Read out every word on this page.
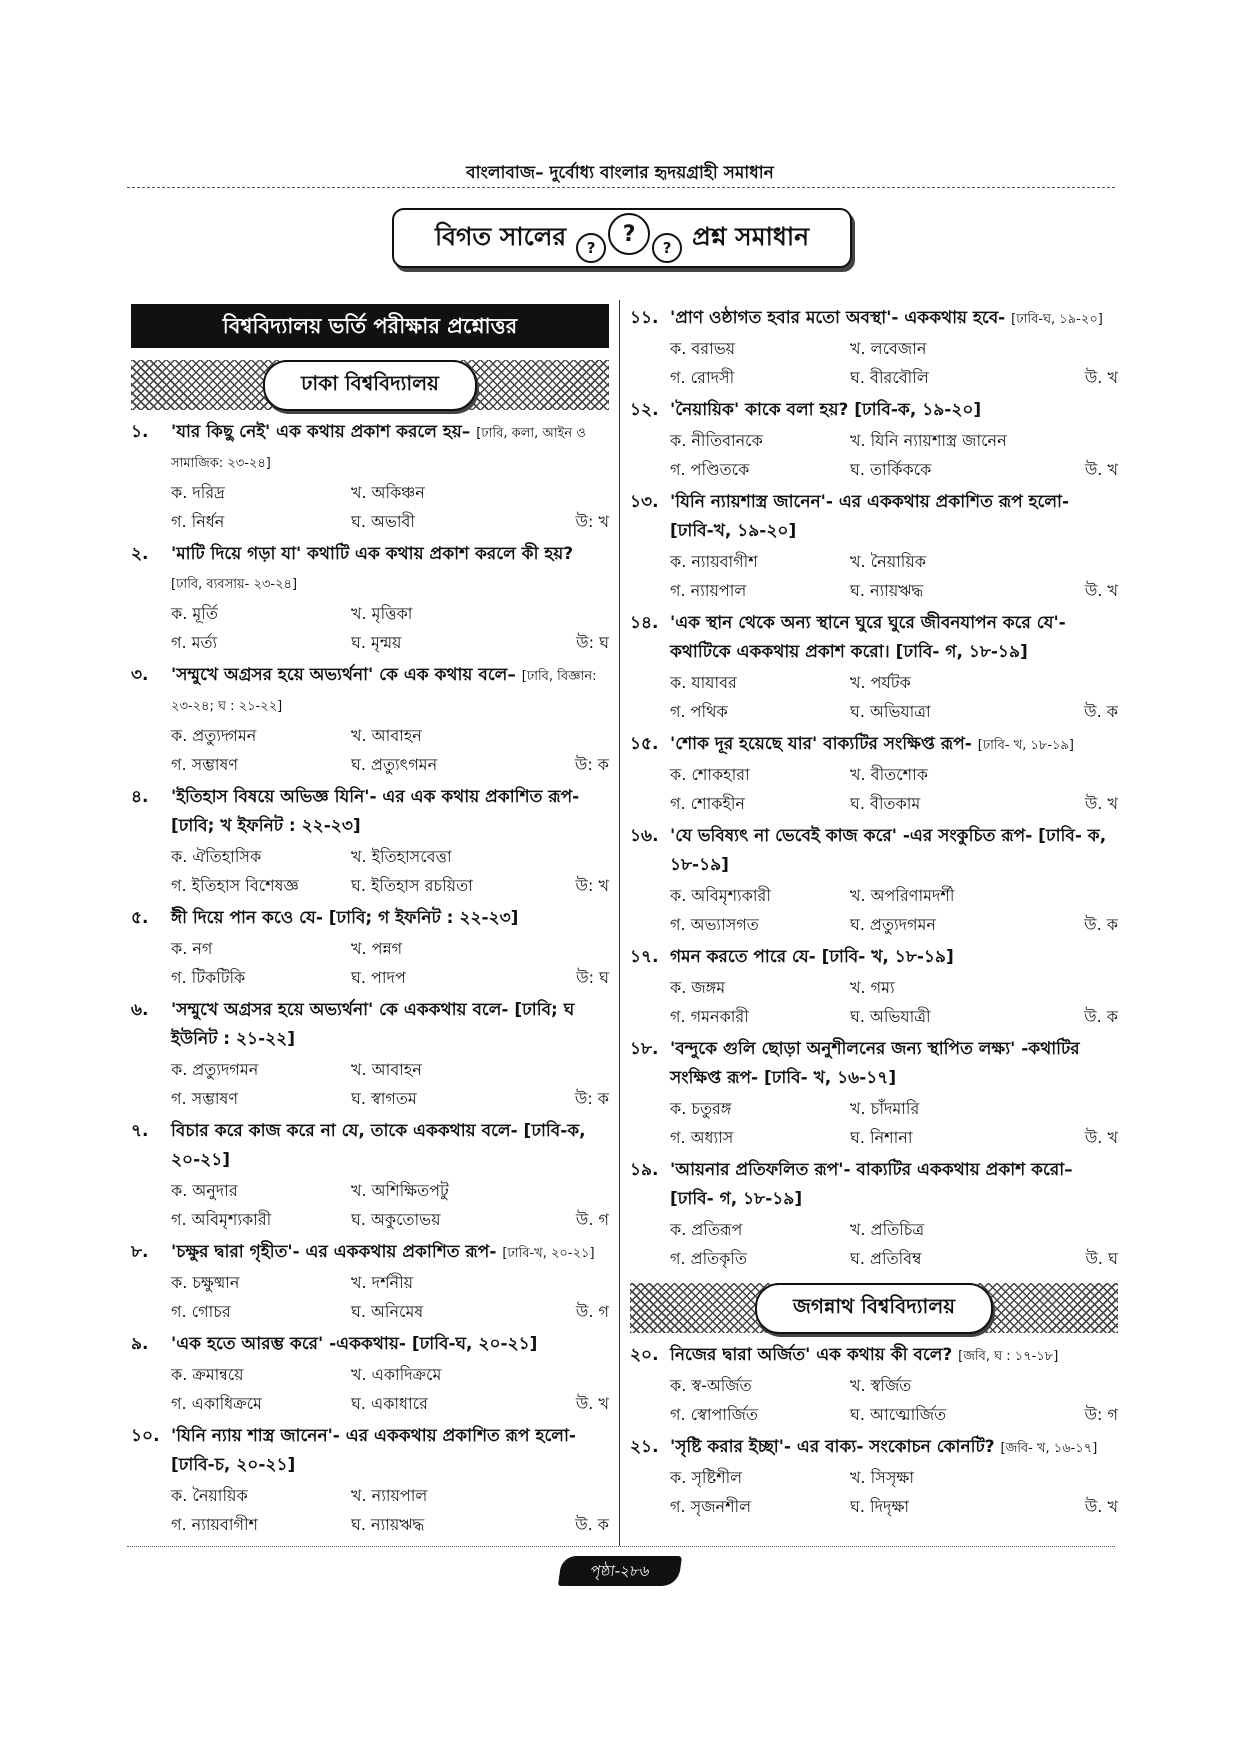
বাংলাবাজ– দুর্বোধ্য বাংলার হৃদয়গ্রাহী সমাধান
বিগত সালের	?
?
? প্রশ্ন সমাধান
বিশ্ববিদ্যালয় ভর্তি পরীক্ষার প্রশ্নোত্তর
ঢাকা বিশ্ববিদ্যালয়
১.	'যার কিছু নেই' এক কথায় প্রকাশ করলে হয়– [ঢাবি, কলা, আইন ও সামাজিক: ২৩-২৪]
ক. দরিদ্র	খ. অকিঞ্চন
গ. নির্ধন	ঘ. অভাবী	উ: খ
২.	'মাটি দিয়ে গড়া যা' কথাটি এক কথায় প্রকাশ করলে কী হয়? [ঢাবি, ব্যবসায়- ২৩-২৪]
ক. মূর্তি	খ. মৃত্তিকা
গ. মর্ত্য	ঘ. মৃন্ময়	উ: ঘ
৩.	'সম্মুখে অগ্রসর হয়ে অভ্যর্থনা' কে এক কথায় বলে– [ঢাবি, বিজ্ঞান: ২৩-২৪; ঘ : ২১-২২]
ক. প্রত্যুদ্গমন	খ. আবাহন
গ. সম্ভাষণ	ঘ. প্রত্যুৎগমন	উ: ক
৪.	'ইতিহাস বিষয়ে অভিজ্ঞ যিনি'- এর এক কথায় প্রকাশিত রূপ- [ঢাবি; খ ইফনিট : ২২-২৩]
ক. ঐতিহাসিক	খ. ইতিহাসবেত্তা
গ. ইতিহাস বিশেষজ্ঞ	ঘ. ইতিহাস রচয়িতা	উ: খ
৫.	ঈী দিয়ে পান কওে যে- [ঢাবি; গ ইফনিট : ২২-২৩]
ক. নগ	খ. পন্নগ
গ. টিকটিকি	ঘ. পাদপ	উ: ঘ
৬.	'সম্মুখে অগ্রসর হয়ে অভ্যর্থনা' কে এককথায় বলে- [ঢাবি; ঘ ইউনিট : ২১-২২]
ক. প্রত্যুদগমন	খ. আবাহন
গ. সম্ভাষণ	ঘ. স্বাগতম	উ: ক
৭.	বিচার করে কাজ করে না যে, তাকে এককথায় বলে- [ঢাবি-ক, ২০-২১]
ক. অনুদার	খ. অশিক্ষিতপটু
গ. অবিমৃশ্যকারী	ঘ. অকুতোভয়	উ. গ
৮.	'চক্ষুর দ্বারা গৃহীত'- এর এককথায় প্রকাশিত রূপ- [ঢাবি-খ, ২০-২১]
ক. চক্ষুষ্মান	খ. দর্শনীয়
গ. গোচর	ঘ. অনিমেষ	উ. গ
৯.	'এক হতে আরম্ভ করে' -এককথায়- [ঢাবি-ঘ, ২০-২১]
ক. ক্রমান্বয়ে	খ. একাদিক্রমে
গ. একাধিক্রমে	ঘ. একাধারে	উ. খ
১০. 'যিনি ন্যায় শাস্ত্র জানেন'- এর এককথায় প্রকাশিত রূপ হলো- [ঢাবি-চ, ২০-২১]
ক. নৈয়ায়িক	খ. ন্যায়পাল
গ. ন্যায়বাগীশ	ঘ. ন্যায়ঋদ্ধ	উ. ক
১১. 'প্রাণ ওষ্ঠাগত হবার মতো অবস্থা'- এককথায় হবে- [ঢাবি-ঘ, ১৯-২০]
ক. বরাভয়	খ. লবেজান
গ. রোদসী	ঘ. বীরবৌলি	উ. খ
১২. 'নৈয়ায়িক' কাকে বলা হয়? [ঢাবি-ক, ১৯-২০]
ক. নীতিবানকে	খ. যিনি ন্যায়শাস্ত্র জানেন
গ. পণ্ডিতকে	ঘ. তার্কিককে	উ. খ
১৩. 'যিনি ন্যায়শাস্ত্র জানেন'- এর এককথায় প্রকাশিত রূপ হলো- [ঢাবি-খ, ১৯-২০]
ক. ন্যায়বাগীশ	খ. নৈয়ায়িক
গ. ন্যায়পাল	ঘ. ন্যায়ঋদ্ধ	উ. খ
১৪. 'এক স্থান থেকে অন্য স্থানে ঘুরে ঘুরে জীবনযাপন করে যে'- কথাটিকে এককথায় প্রকাশ করো। [ঢাবি- গ, ১৮-১৯]
ক. যাযাবর	খ. পর্যটক
গ. পথিক	ঘ. অভিযাত্রা	উ. ক
১৫. 'শোক দূর হয়েছে যার' বাক্যটির সংক্ষিপ্ত রূপ- [ঢাবি- খ, ১৮-১৯]
ক. শোকহারা	খ. বীতশোক
গ. শোকহীন	ঘ. বীতকাম	উ. খ
১৬. 'যে ভবিষ্যৎ না ভেবেই কাজ করে' -এর সংকুচিত রূপ- [ঢাবি- ক, ১৮-১৯]
ক. অবিমৃশ্যকারী	খ. অপরিণামদর্শী
গ. অভ্যাসগত	ঘ. প্রত্যুদগমন	উ. ক
১৭. গমন করতে পারে যে- [ঢাবি- খ, ১৮-১৯]
ক. জঙ্গম	খ. গম্য
গ. গমনকারী	ঘ. অভিযাত্রী	উ. ক
১৮. 'বন্দুকে গুলি ছোড়া অনুশীলনের জন্য স্থাপিত লক্ষ্য' -কথাটির সংক্ষিপ্ত রূপ- [ঢাবি- খ, ১৬-১৭]
ক. চতুরঙ্গ	খ. চাঁদমারি
গ. অধ্যাস	ঘ. নিশানা	উ. খ
১৯. 'আয়নার প্রতিফলিত রূপ'- বাক্যটির এককথায় প্রকাশ করো– [ঢাবি- গ, ১৮-১৯]
ক. প্রতিরূপ	খ. প্রতিচিত্র
গ. প্রতিকৃতি	ঘ. প্রতিবিম্ব	উ. ঘ
জগন্নাথ বিশ্ববিদ্যালয়
২০. নিজের দ্বারা অর্জিত' এক কথায় কী বলে? [জবি, ঘ : ১৭-১৮]
ক. স্ব-অর্জিত	খ. স্বর্জিত
গ. স্বোপার্জিত	ঘ. আত্মোর্জিত	উ: গ
২১. 'সৃষ্টি করার ইচ্ছা'- এর বাক্য- সংকোচন কোনটি? [জবি- খ, ১৬-১৭]
ক. সৃষ্টিশীল	খ. সিসৃক্ষা
গ. সৃজনশীল	ঘ. দিদৃক্ষা	উ. খ
পৃষ্ঠা-২৮৬
